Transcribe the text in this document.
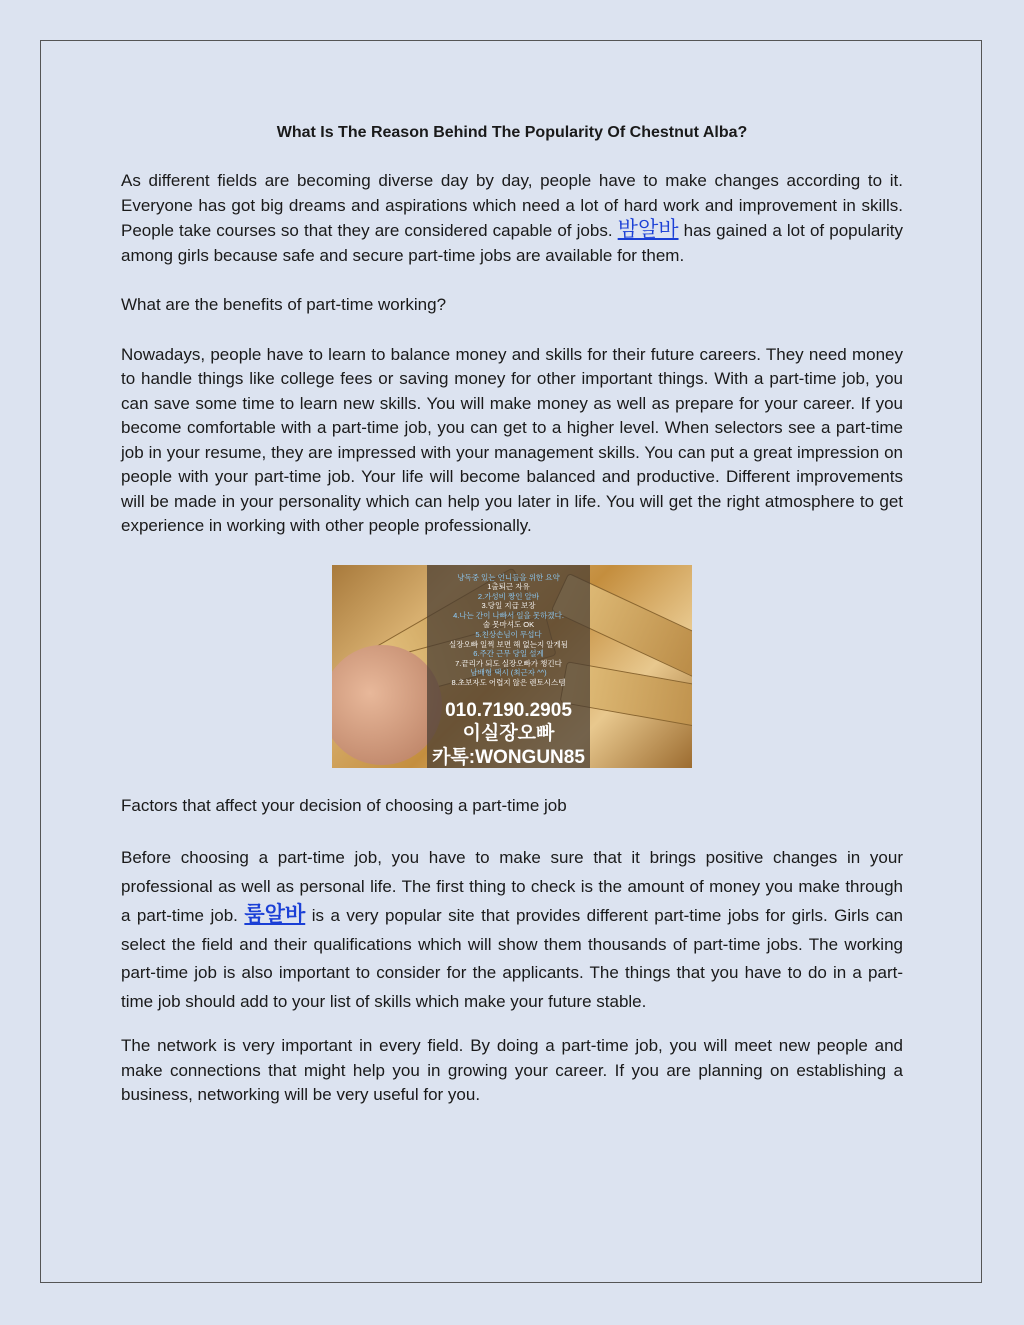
What Is The Reason Behind The Popularity Of Chestnut Alba?

As different fields are becoming diverse day by day, people have to make changes according to it. Everyone has got big dreams and aspirations which need a lot of hard work and improvement in skills. People take courses so that they are considered capable of jobs. 밤알바 has gained a lot of popularity among girls because safe and secure part-time jobs are available for them.

What are the benefits of part-time working?

Nowadays, people have to learn to balance money and skills for their future careers. They need money to handle things like college fees or saving money for other important things. With a part-time job, you can save some time to learn new skills. You will make money as well as prepare for your career. If you become comfortable with a part-time job, you can get to a higher level. When selectors see a part-time job in your resume, they are impressed with your management skills. You can put a great impression on people with your part-time job. Your life will become balanced and productive. Different improvements will be made in your personality which can help you later in life. You will get the right atmosphere to get experience in working with other people professionally.

냥독중 있는 언니들을 위한 요약
1출퇴근 자유
2.가성비 짱인 알바
3.당일 지급 보장
4.나는 간이 나빠서 일을 못하겠다.
술 못마셔도 OK
5.친상손님이 무섭다
실장오빠 일찍 보면 해 없는지 알게됨
6.주간 근무 당일 설계
7.끝리가 되도 실장오빠가 챙긴다
남배형 택시 (최근자 ^^)
8.초보자도 어렵지 않은 렌토시스템
010.7190.2905
이실장오빠
카톡:WONGUN85

Factors that affect your decision of choosing a part-time job

Before choosing a part-time job, you have to make sure that it brings positive changes in your professional as well as personal life. The first thing to check is the amount of money you make through a part-time job. 룸알바 is a very popular site that provides different part-time jobs for girls. Girls can select the field and their qualifications which will show them thousands of part-time jobs. The working part-time job is also important to consider for the applicants. The things that you have to do in a part-time job should add to your list of skills which make your future stable.

The network is very important in every field. By doing a part-time job, you will meet new people and make connections that might help you in growing your career. If you are planning on establishing a business, networking will be very useful for you.
